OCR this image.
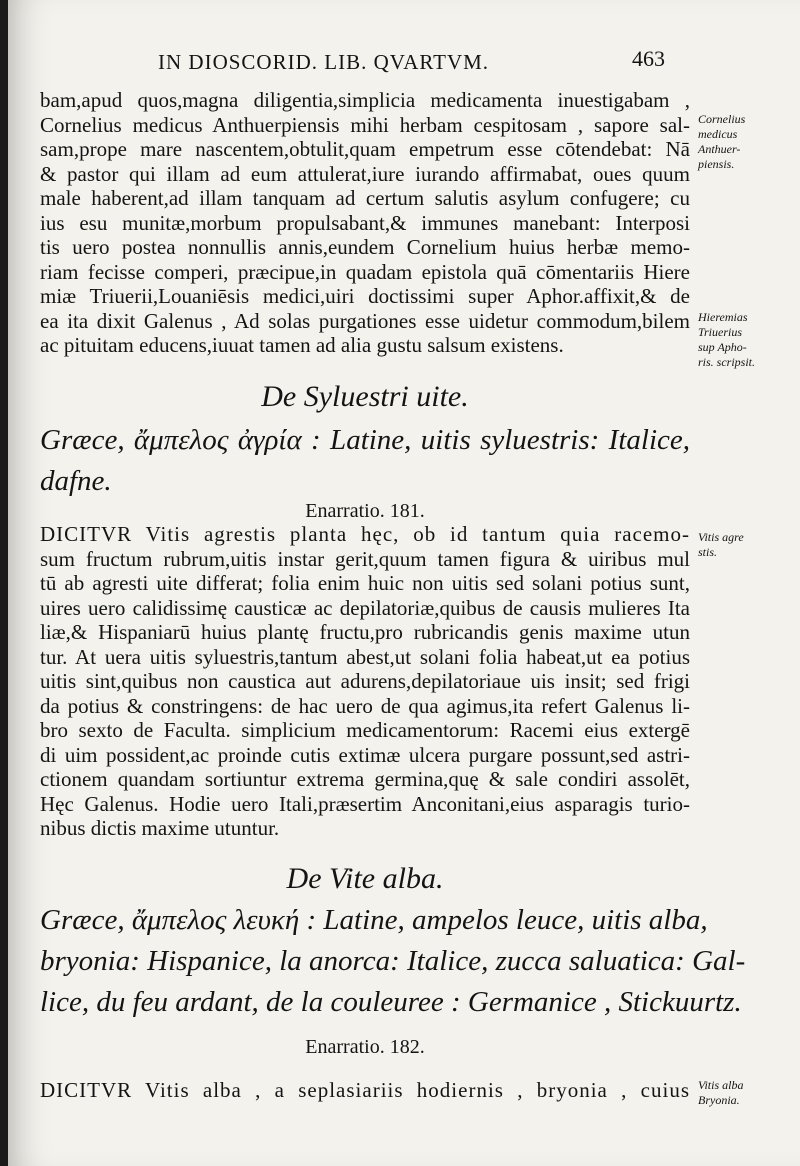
IN DIOSCORID. LIB. QVARTVM.	463
bam,apud quos,magna diligentia,simplicia medicamenta inuestigabam ,
Cornelius medicus Anthuerpiensis mihi herbam cespitosam , sapore sal-
sam,prope mare nascentem,obtulit,quam empetrum esse cōtendebat: Nā
& pastor qui illam ad eum attulerat,iure iurando affirmabat, oues quum
male haberent,ad illam tanquam ad certum salutis asylum confugere; cu
ius esu munitæ,morbum propulsabant,& immunes manebant: Interposi
tis uero postea nonnullis annis,eundem Cornelium huius herbæ memo-
riam fecisse comperi, præcipue,in quadam epistola quā cōmentariis Hiere
miæ Triuerii,Louaniēsis medici,uiri doctissimi super Aphor.affixit,& de
ea ita dixit Galenus , Ad solas purgationes esse uidetur commodum,bilem
ac pituitam educens,iuuat tamen ad alia gustu salsum existens.
Cornelius
medicus
Anthuer-
piensis.
Hieremias
Triuerius
sup Apho-
ris. scripsit.
De Syluestri uite.
Græce, ἄμπελος ἀγρία : Latine, uitis syluestris: Italice,
dafne.
Enarratio. 181.
DICITVR Vitis agrestis planta hęc, ob id tantum quia racemo-
sum fructum rubrum,uitis instar gerit,quum tamen figura & uiribus mul
tū ab agresti uite differat; folia enim huic non uitis sed solani potius sunt,
uires uero calidissimę causticæ ac depilatoriæ,quibus de causis mulieres Ita
liæ,& Hispaniarū huius plantę fructu,pro rubricandis genis maxime utun
tur. At uera uitis syluestris,tantum abest,ut solani folia habeat,ut ea potius
uitis sint,quibus non caustica aut adurens,depilatoriaue uis insit; sed frigi
da potius & constringens: de hac uero de qua agimus,ita refert Galenus li-
bro sexto de Faculta. simplicium medicamentorum: Racemi eius extergē
di uim possident,ac proinde cutis extimæ ulcera purgare possunt,sed astri-
ctionem quandam sortiuntur extrema germina,quę & sale condiri assolēt,
Hęc Galenus. Hodie uero Itali,præsertim Anconitani,eius asparagis turio-
nibus dictis maxime utuntur.
Vitis agre
stis.
De Vite alba.
Græce, ἄμπελος λευκή : Latine, ampelos leuce, uitis alba,
bryonia: Hispanice, la anorca: Italice, zucca saluatica: Gal-
lice, du feu ardant, de la couleuree : Germanice , Stickuurtz.
Enarratio. 182.
DICITVR Vitis alba , a seplasiariis hodiernis , bryonia , cuius Vitis alba
Bryonia.
